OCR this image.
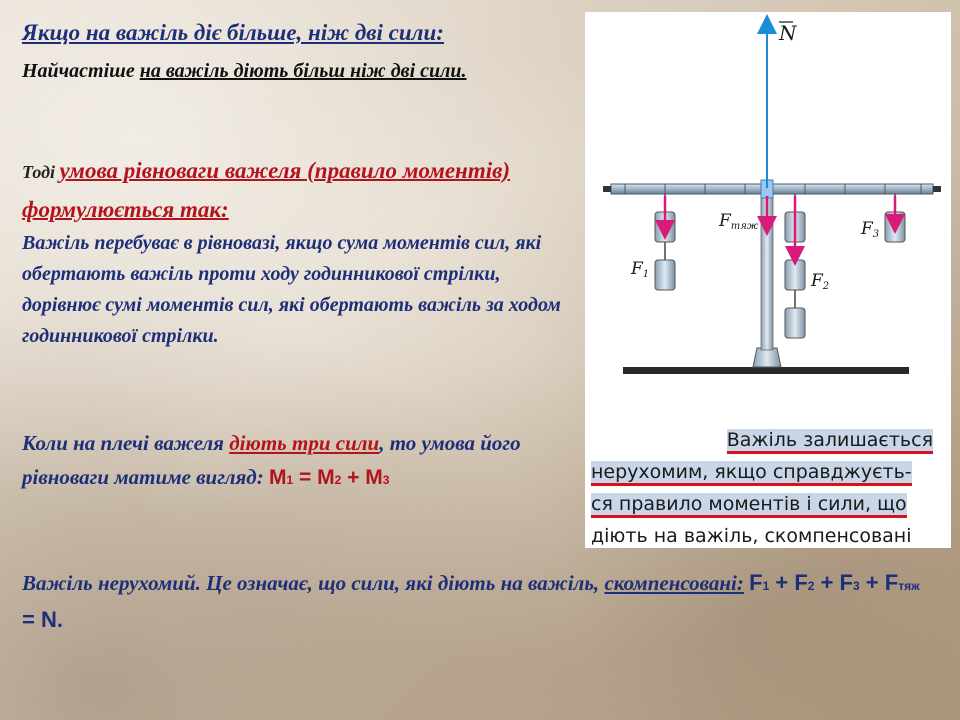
Якщо на важіль діє більше, ніж дві сили:
Найчастіше на важіль діють більш ніж дві сили.
Тоді умова рівноваги важеля (правило моментів) формулюється так:
Важіль перебуває в рівновазі, якщо сума моментів сил, які обертають важіль проти ходу годинникової стрілки, дорівнює сумі моментів сил, які обертають важіль за ходом годинникової стрілки.
Коли на плечі важеля діють три сили, то умова його рівноваги матиме вигляд: M1 = M2 + M3
Важіль нерухомий. Це означає, що сили, які діють на важіль, скомпенсовані: F1 + F2 + F3 + Fтяж = N.
N
Fтяж
F1	F2
F3
Важіль залишається
нерухомим, якщо справджуєть-
ся правило моментів і сили, що
діють на важіль, скомпенсовані
